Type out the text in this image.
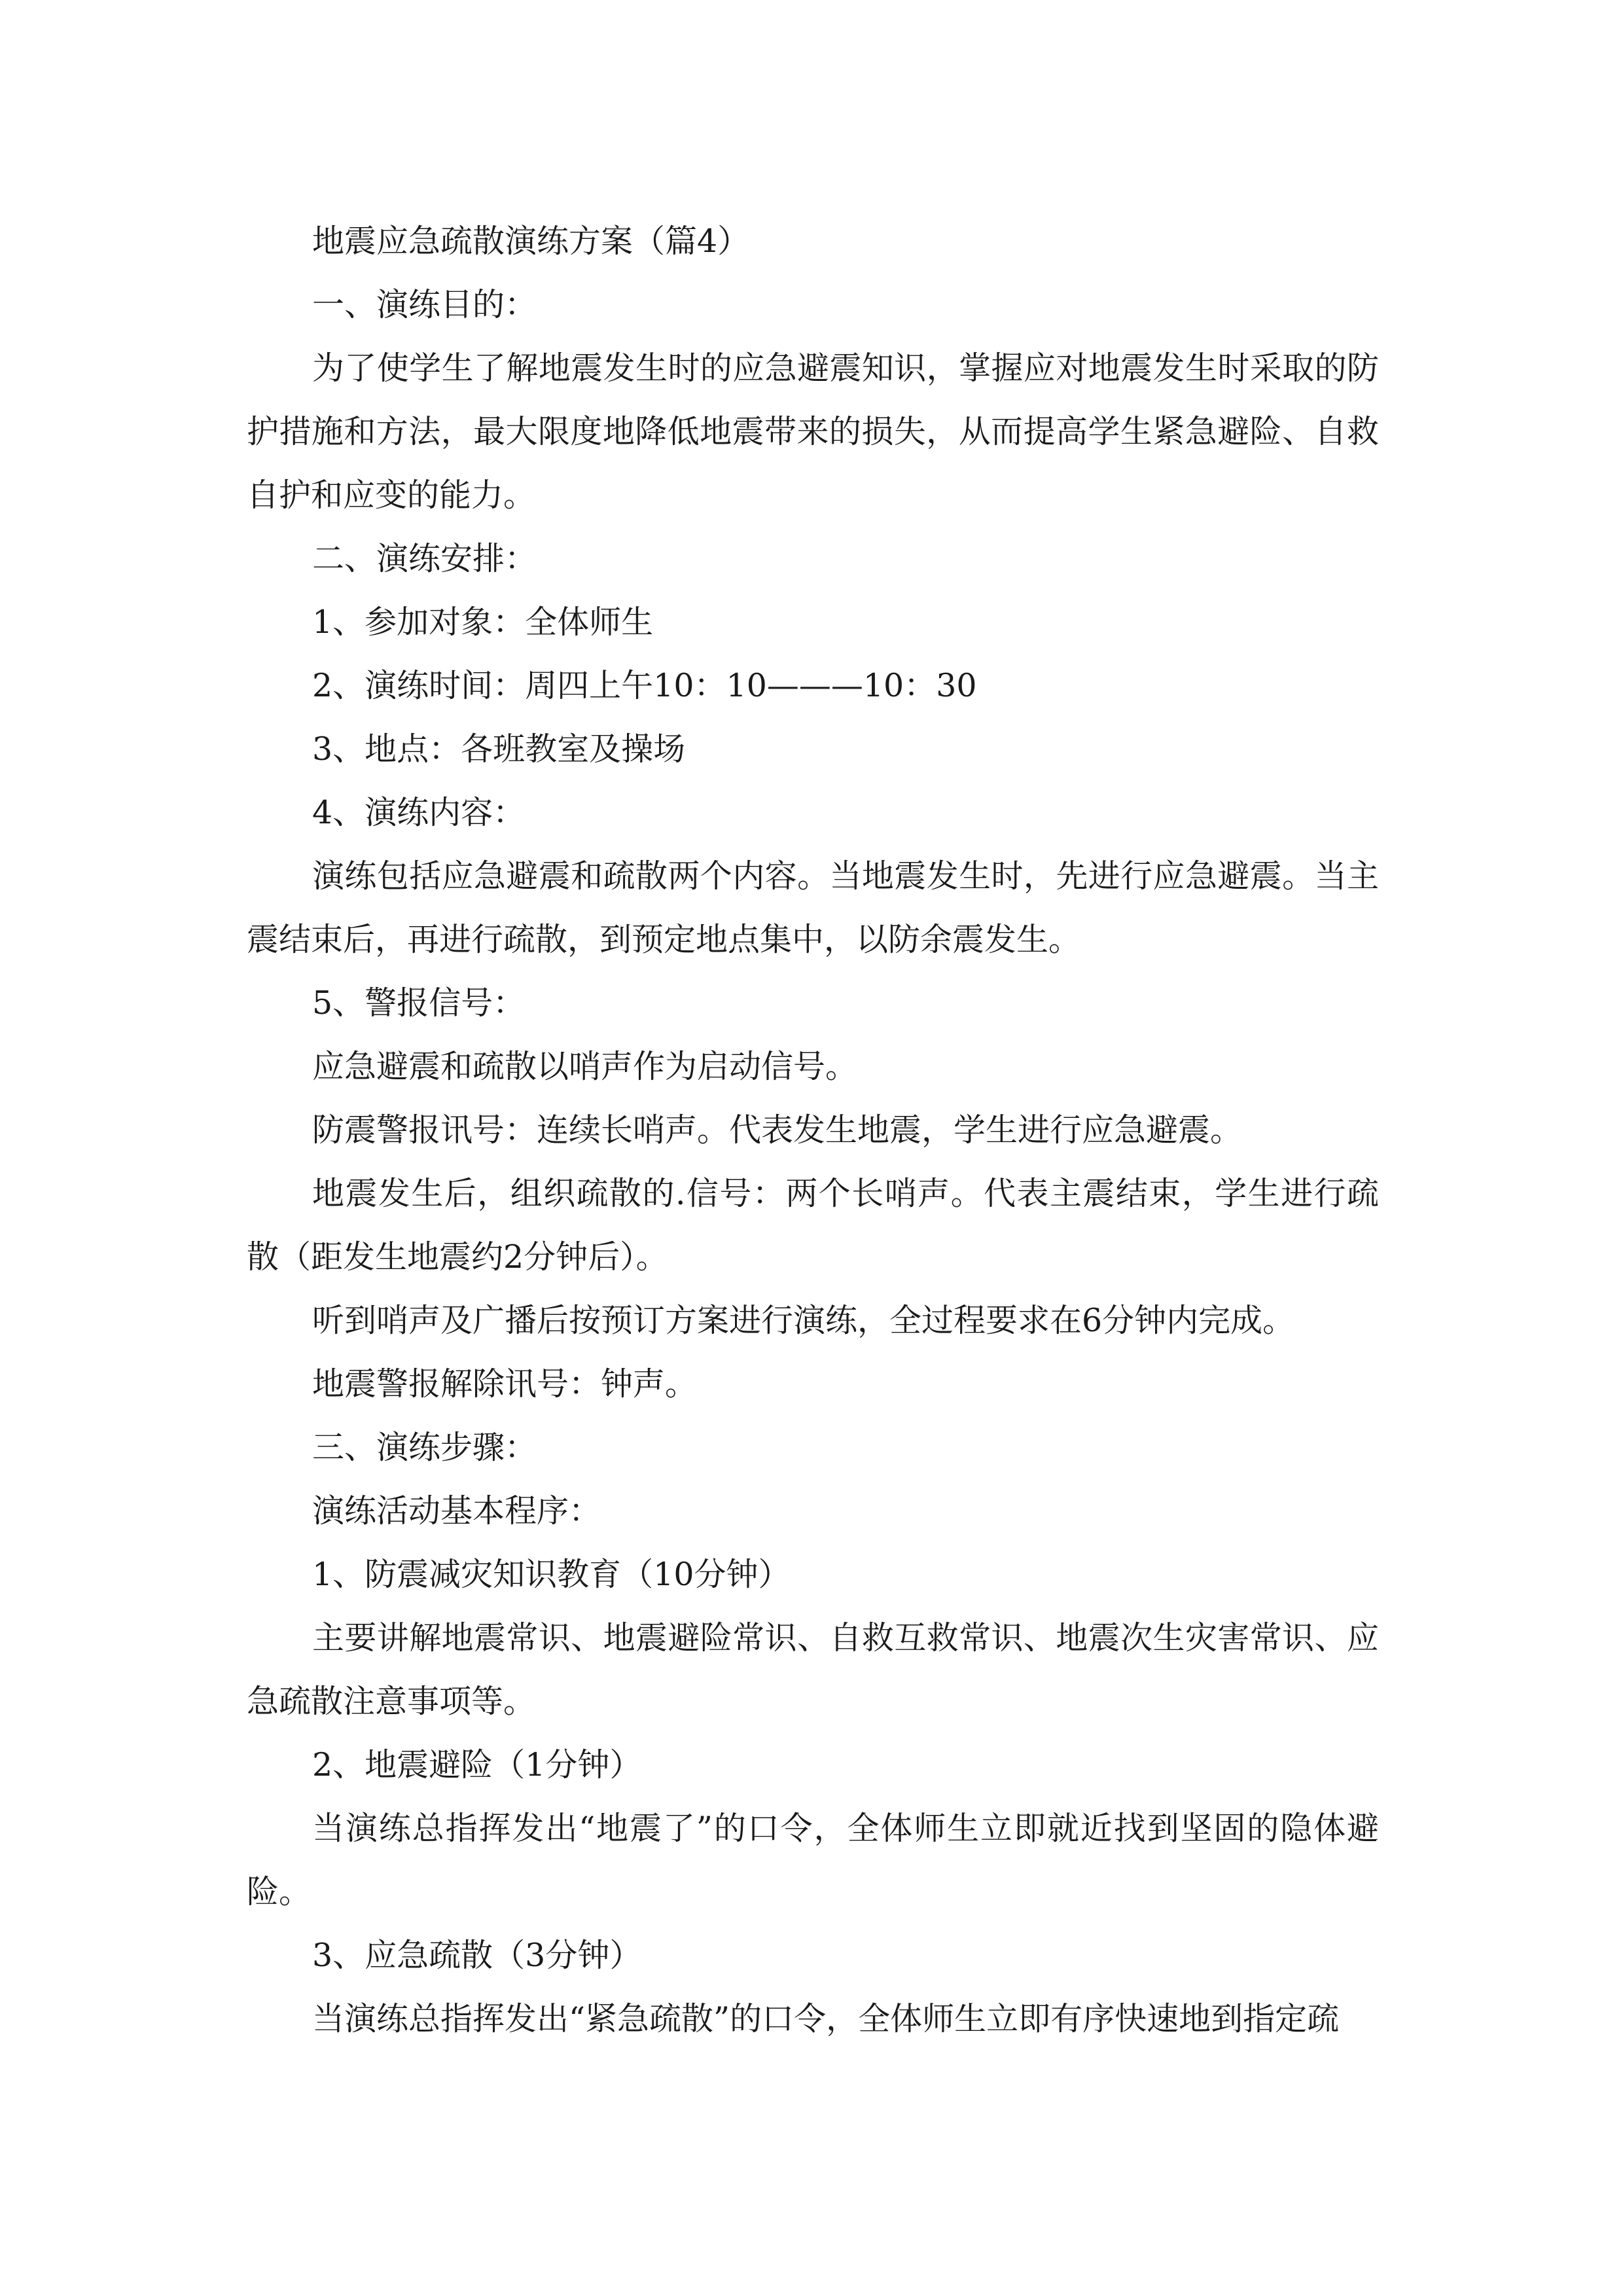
地震应急疏散演练方案（篇4）

一、演练目的：

为了使学生了解地震发生时的应急避震知识，掌握应对地震发生时采取的防护措施和方法，最大限度地降低地震带来的损失，从而提高学生紧急避险、自救自护和应变的能力。

二、演练安排：

1、参加对象：全体师生

2、演练时间：周四上午10：10———10：30

3、地点：各班教室及操场

4、演练内容：

演练包括应急避震和疏散两个内容。当地震发生时，先进行应急避震。当主震结束后，再进行疏散，到预定地点集中，以防余震发生。

5、警报信号：

应急避震和疏散以哨声作为启动信号。

防震警报讯号：连续长哨声。代表发生地震，学生进行应急避震。

地震发生后，组织疏散的.信号：两个长哨声。代表主震结束，学生进行疏散（距发生地震约2分钟后）。

听到哨声及广播后按预订方案进行演练，全过程要求在6分钟内完成。

地震警报解除讯号：钟声。

三、演练步骤：

演练活动基本程序：

1、防震减灾知识教育（10分钟）

主要讲解地震常识、地震避险常识、自救互救常识、地震次生灾害常识、应急疏散注意事项等。

2、地震避险（1分钟）

当演练总指挥发出“地震了”的口令，全体师生立即就近找到坚固的隐体避险。

3、应急疏散（3分钟）

当演练总指挥发出“紧急疏散”的口令，全体师生立即有序快速地到指定疏
